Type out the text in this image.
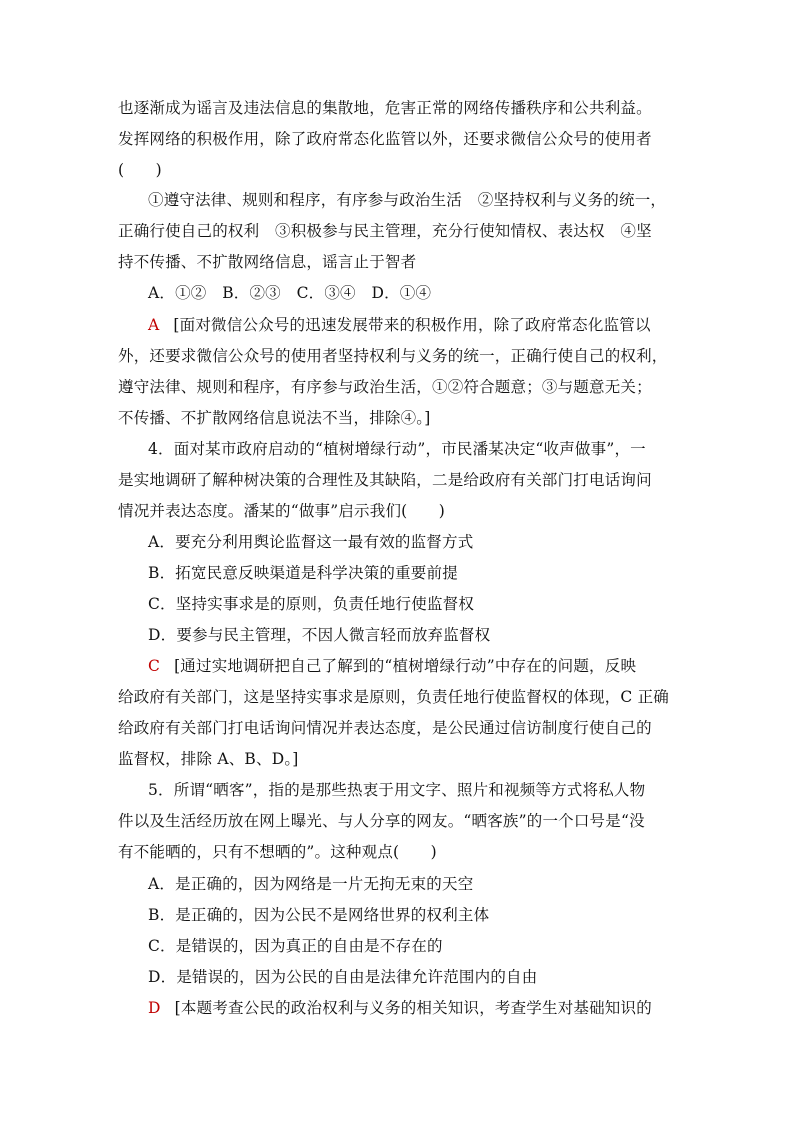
也逐渐成为谣言及违法信息的集散地，危害正常的网络传播秩序和公共利益。
发挥网络的积极作用，除了政府常态化监管以外，还要求微信公众号的使用者
(　　)
①遵守法律、规则和程序，有序参与政治生活　②坚持权利与义务的统一，
正确行使自己的权利　③积极参与民主管理，充分行使知情权、表达权　④坚
持不传播、不扩散网络信息，谣言止于智者
A．①②　B．②③　C．③④　D．①④
A [面对微信公众号的迅速发展带来的积极作用，除了政府常态化监管以
外，还要求微信公众号的使用者坚持权利与义务的统一，正确行使自己的权利，
遵守法律、规则和程序，有序参与政治生活，①②符合题意；③与题意无关；
不传播、不扩散网络信息说法不当，排除④。]
4．面对某市政府启动的“植树增绿行动”，市民潘某决定“收声做事”，一
是实地调研了解种树决策的合理性及其缺陷，二是给政府有关部门打电话询问
情况并表达态度。潘某的“做事”启示我们(　　)
A．要充分利用舆论监督这一最有效的监督方式
B．拓宽民意反映渠道是科学决策的重要前提
C．坚持实事求是的原则，负责任地行使监督权
D．要参与民主管理，不因人微言轻而放弃监督权
C [通过实地调研把自己了解到的“植树增绿行动”中存在的问题，反映
给政府有关部门，这是坚持实事求是原则，负责任地行使监督权的体现，C 正确
给政府有关部门打电话询问情况并表达态度，是公民通过信访制度行使自己的
监督权，排除 A、B、D。]
5．所谓“晒客”，指的是那些热衷于用文字、照片和视频等方式将私人物
件以及生活经历放在网上曝光、与人分享的网友。“晒客族”的一个口号是“没
有不能晒的，只有不想晒的”。这种观点(　　)
A．是正确的，因为网络是一片无拘无束的天空
B．是正确的，因为公民不是网络世界的权利主体
C．是错误的，因为真正的自由是不存在的
D．是错误的，因为公民的自由是法律允许范围内的自由
D [本题考查公民的政治权利与义务的相关知识，考查学生对基础知识的
